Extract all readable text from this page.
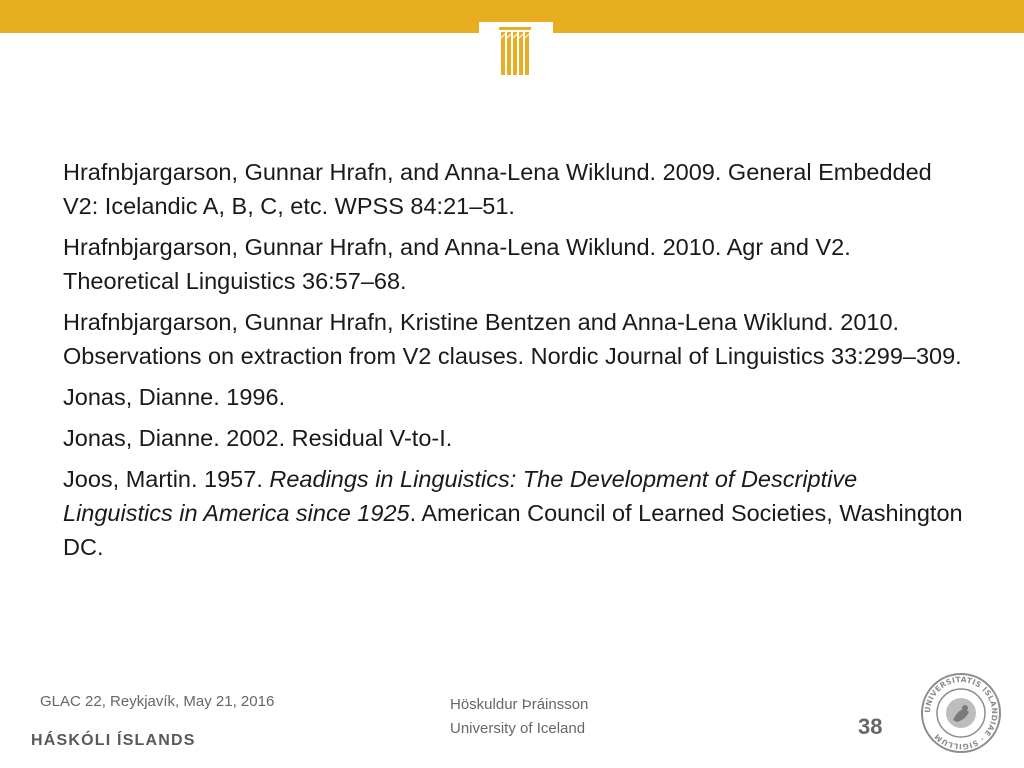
Hrafnbjargarson, Gunnar Hrafn, and Anna-Lena Wiklund. 2009. General Embedded V2: Icelandic A, B, C, etc. WPSS 84:21–51.

Hrafnbjargarson, Gunnar Hrafn, and Anna-Lena Wiklund. 2010. Agr and V2. Theoretical Linguistics 36:57–68.

Hrafnbjargarson, Gunnar Hrafn, Kristine Bentzen and Anna-Lena Wiklund. 2010. Observations on extraction from V2 clauses. Nordic Journal of Linguistics 33:299–309.

Jonas, Dianne. 1996.

Jonas, Dianne. 2002. Residual V-to-I.

Joos, Martin. 1957. Readings in Linguistics: The Development of Descriptive Linguistics in America since 1925. American Council of Learned Societies, Washington DC.

GLAC 22, Reykjavík, May 21, 2016
HÁSKÓLI ÍSLANDS
Höskuldur Þráinsson
University of Iceland	38
UNIVERSITATIS ISLANDIAE · SIGILLUM
